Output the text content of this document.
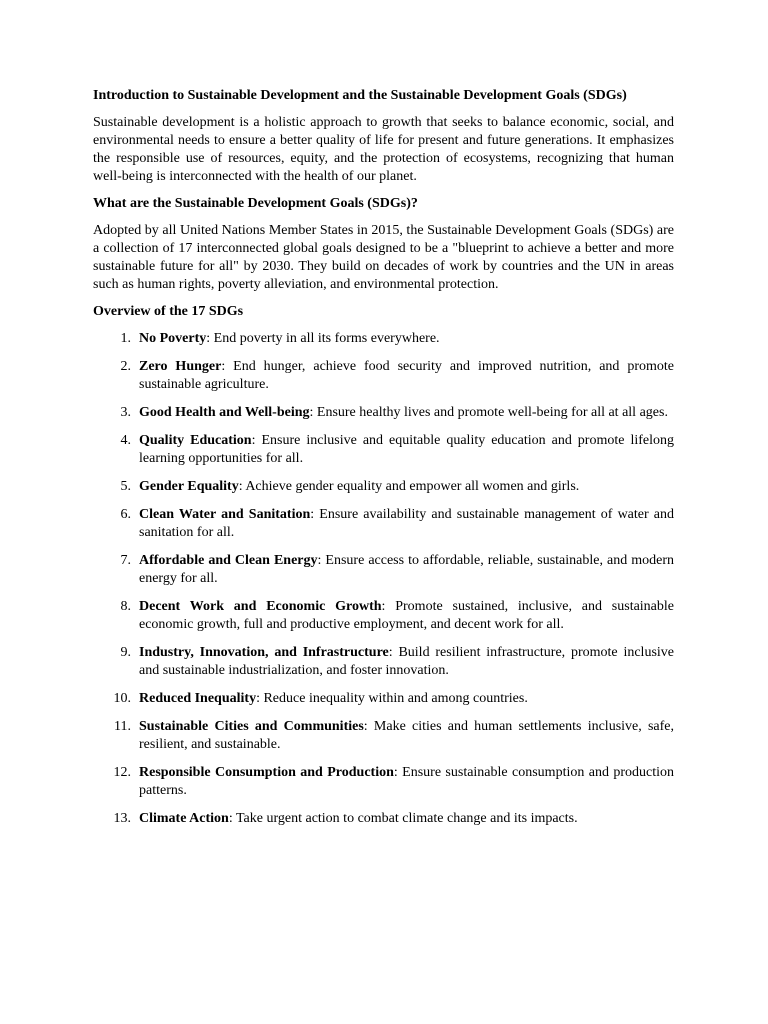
Introduction to Sustainable Development and the Sustainable Development Goals (SDGs)

Sustainable development is a holistic approach to growth that seeks to balance economic, social, and environmental needs to ensure a better quality of life for present and future generations. It emphasizes the responsible use of resources, equity, and the protection of ecosystems, recognizing that human well-being is interconnected with the health of our planet.

What are the Sustainable Development Goals (SDGs)?

Adopted by all United Nations Member States in 2015, the Sustainable Development Goals (SDGs) are a collection of 17 interconnected global goals designed to be a "blueprint to achieve a better and more sustainable future for all" by 2030. They build on decades of work by countries and the UN in areas such as human rights, poverty alleviation, and environmental protection.

Overview of the 17 SDGs

1. No Poverty: End poverty in all its forms everywhere.
2. Zero Hunger: End hunger, achieve food security and improved nutrition, and promote sustainable agriculture.
3. Good Health and Well-being: Ensure healthy lives and promote well-being for all at all ages.
4. Quality Education: Ensure inclusive and equitable quality education and promote lifelong learning opportunities for all.
5. Gender Equality: Achieve gender equality and empower all women and girls.
6. Clean Water and Sanitation: Ensure availability and sustainable management of water and sanitation for all.
7. Affordable and Clean Energy: Ensure access to affordable, reliable, sustainable, and modern energy for all.
8. Decent Work and Economic Growth: Promote sustained, inclusive, and sustainable economic growth, full and productive employment, and decent work for all.
9. Industry, Innovation, and Infrastructure: Build resilient infrastructure, promote inclusive and sustainable industrialization, and foster innovation.
10. Reduced Inequality: Reduce inequality within and among countries.
11. Sustainable Cities and Communities: Make cities and human settlements inclusive, safe, resilient, and sustainable.
12. Responsible Consumption and Production: Ensure sustainable consumption and production patterns.
13. Climate Action: Take urgent action to combat climate change and its impacts.
